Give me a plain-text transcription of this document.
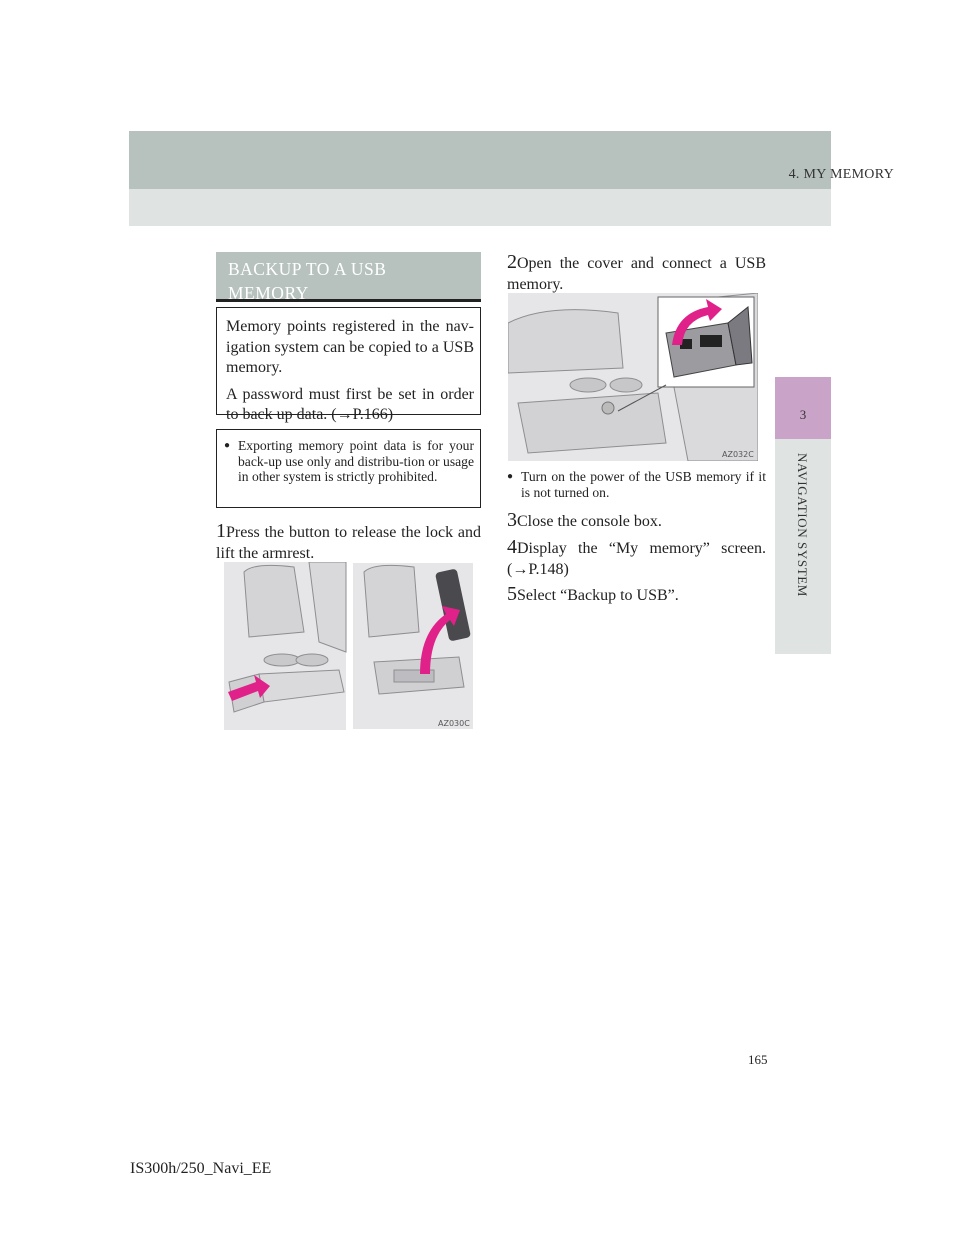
4. MY MEMORY
3
NAVIGATION SYSTEM
BACKUP TO A USB
MEMORY

Memory points registered in the nav-igation system can be copied to a USB memory.

A password must first be set in order to back up data. (→P.166)

● Exporting memory point data is for your back-up use only and distribu-tion or usage in other system is strictly prohibited.
1Press the button to release the lock and lift the armrest.
AZ030C
2Open the cover and connect a USB memory.
AZ032C
● Turn on the power of the USB memory if it is not turned on.
3Close the console box.
4Display the “My memory” screen. (→P.148)
5Select “Backup to USB”.
165
IS300h/250_Navi_EE
